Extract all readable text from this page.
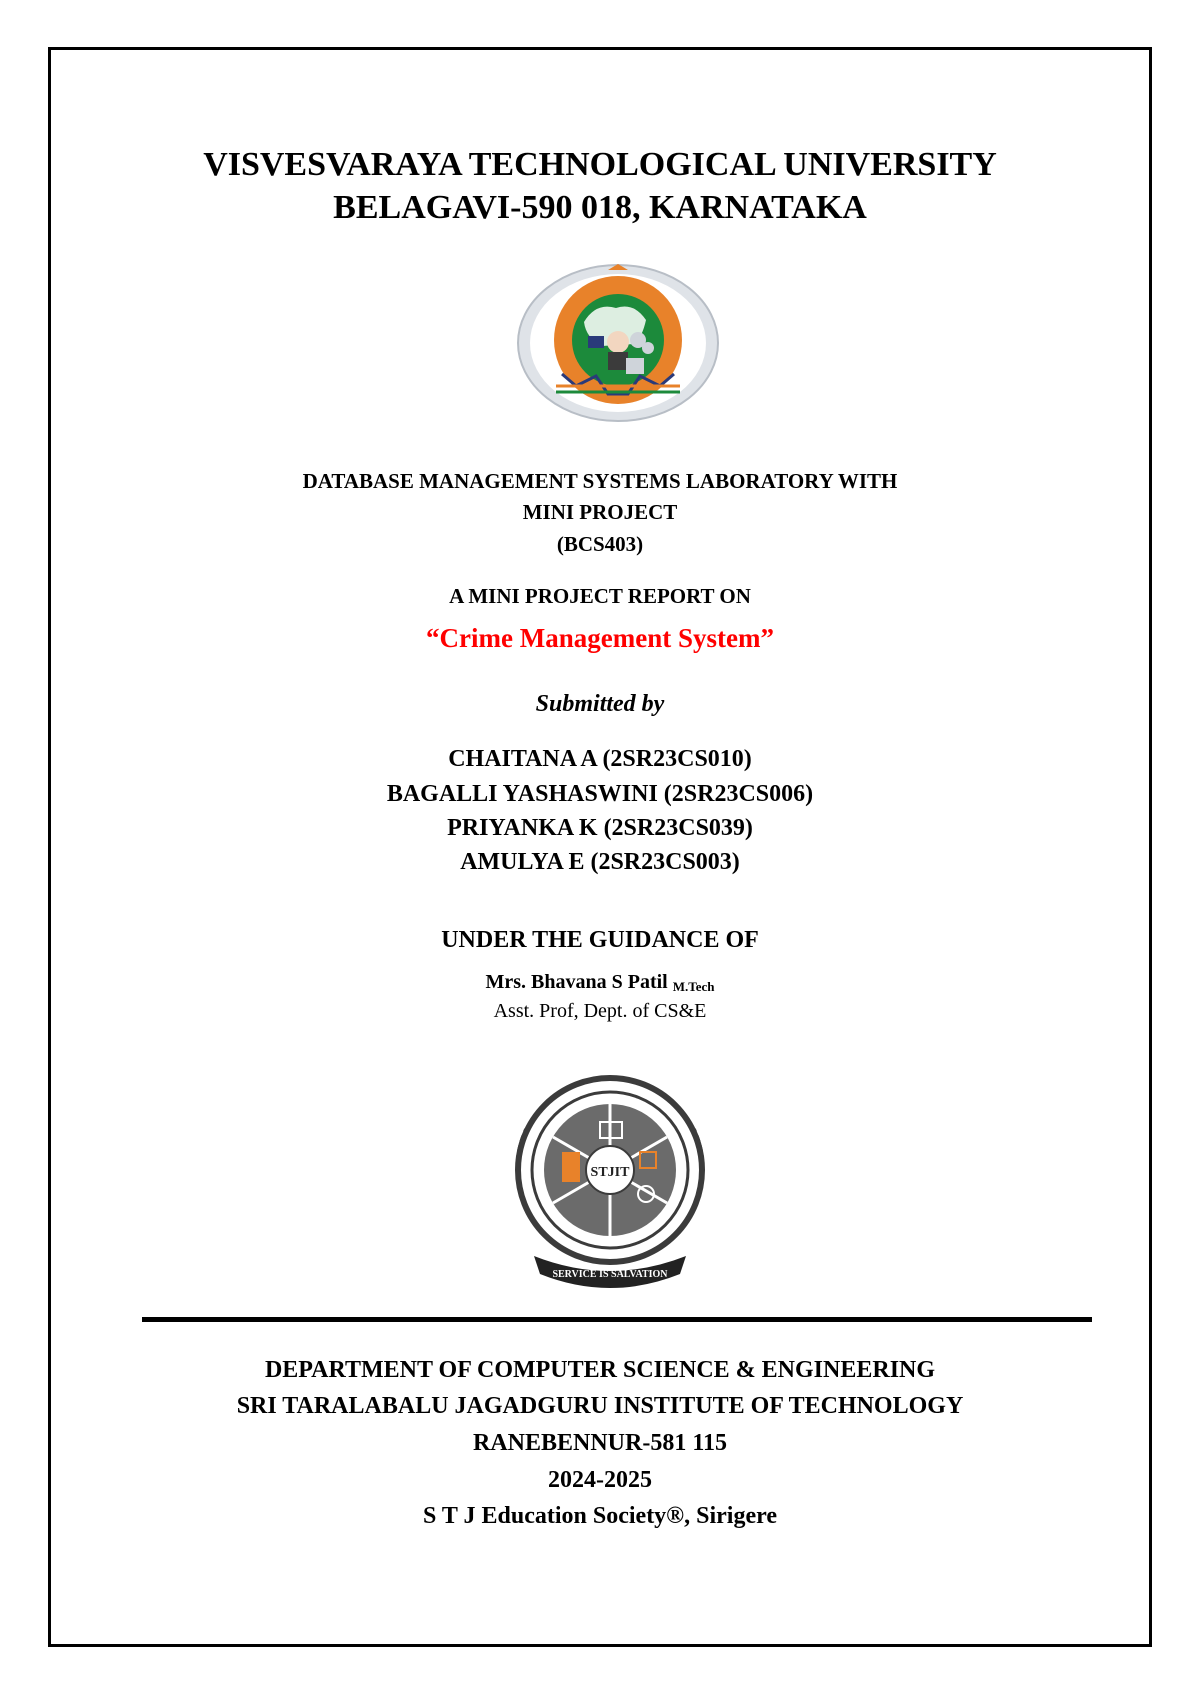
VISVESVARAYA TECHNOLOGICAL UNIVERSITY
BELAGAVI-590 018, KARNATAKA
DATABASE MANAGEMENT SYSTEMS LABORATORY WITH
MINI PROJECT
(BCS403)
A MINI PROJECT REPORT ON
“Crime Management System”
Submitted by
CHAITANA A (2SR23CS010)
BAGALLI YASHASWINI (2SR23CS006)
PRIYANKA K (2SR23CS039)
AMULYA E (2SR23CS003)
UNDER THE GUIDANCE OF
Mrs. Bhavana S Patil $_{M.Tech}$
Asst. Prof, Dept. of CS&E
STJIT
SERVICE IS SALVATION
DEPARTMENT OF COMPUTER SCIENCE & ENGINEERING
SRI TARALABALU JAGADGURU INSTITUTE OF TECHNOLOGY
RANEBENNUR-581 115
2024-2025
S T J Education Society®, Sirigere
